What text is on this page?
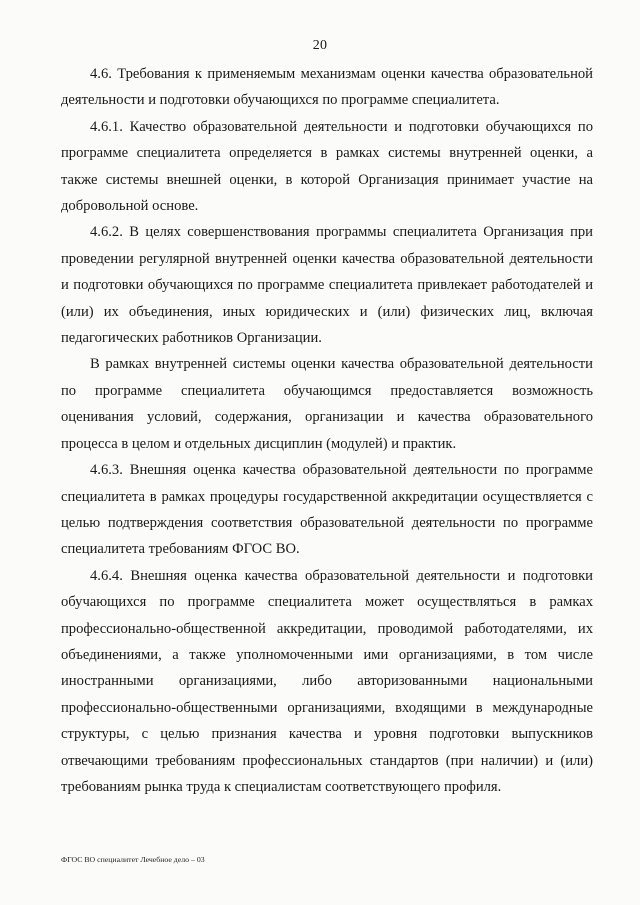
20

4.6. Требования к применяемым механизмам оценки качества образовательной деятельности и подготовки обучающихся по программе специалитета.

4.6.1. Качество образовательной деятельности и подготовки обучающихся по программе специалитета определяется в рамках системы внутренней оценки, а также системы внешней оценки, в которой Организация принимает участие на добровольной основе.

4.6.2. В целях совершенствования программы специалитета Организация при проведении регулярной внутренней оценки качества образовательной деятельности и подготовки обучающихся по программе специалитета привлекает работодателей и (или) их объединения, иных юридических и (или) физических лиц, включая педагогических работников Организации.

В рамках внутренней системы оценки качества образовательной деятельности по программе специалитета обучающимся предоставляется возможность оценивания условий, содержания, организации и качества образовательного процесса в целом и отдельных дисциплин (модулей) и практик.

4.6.3. Внешняя оценка качества образовательной деятельности по программе специалитета в рамках процедуры государственной аккредитации осуществляется с целью подтверждения соответствия образовательной деятельности по программе специалитета требованиям ФГОС ВО.

4.6.4. Внешняя оценка качества образовательной деятельности и подготовки обучающихся по программе специалитета может осуществляться в рамках профессионально-общественной аккредитации, проводимой работодателями, их объединениями, а также уполномоченными ими организациями, в том числе иностранными организациями, либо авторизованными национальными профессионально-общественными организациями, входящими в международные структуры, с целью признания качества и уровня подготовки выпускников отвечающими требованиям профессиональных стандартов (при наличии) и (или) требованиям рынка труда к специалистам соответствующего профиля.

ФГОС ВО специалитет Лечебное дело – 03
